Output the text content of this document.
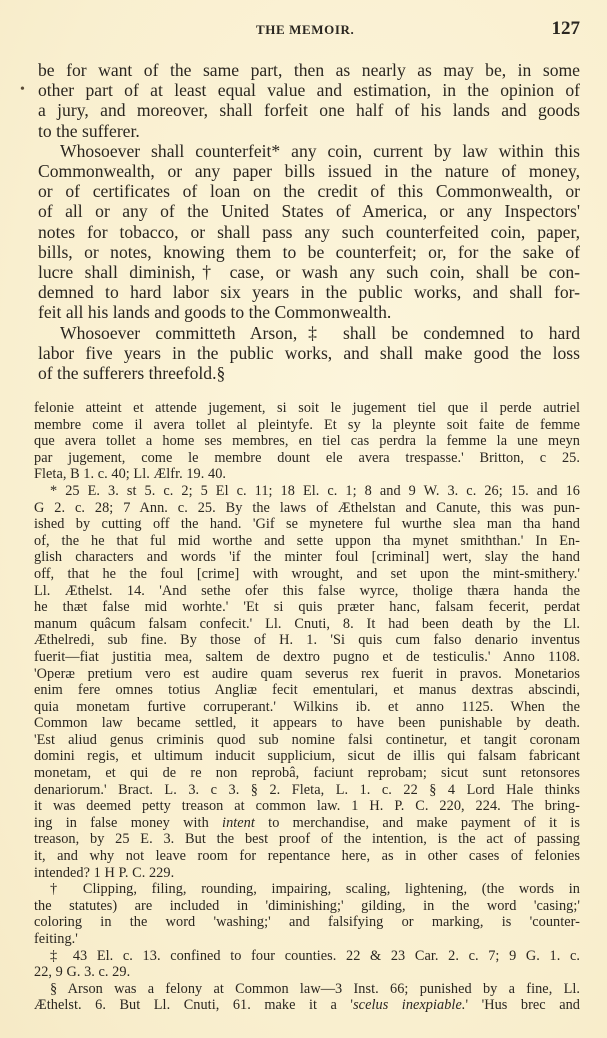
THE MEMOIR.	127
•

be for want of the same part, then as nearly as may be, in some
other part of at least equal value and estimation, in the opinion of
a jury, and moreover, shall forfeit one half of his lands and goods
to the sufferer.

Whosoever shall counterfeit* any coin, current by law within this
Commonwealth, or any paper bills issued in the nature of money,
or of certificates of loan on the credit of this Commonwealth, or
of all or any of the United States of America, or any Inspectors'
notes for tobacco, or shall pass any such counterfeited coin, paper,
bills, or notes, knowing them to be counterfeit; or, for the sake of
lucre shall diminish,† case, or wash any such coin, shall be con-
demned to hard labor six years in the public works, and shall for-
feit all his lands and goods to the Commonwealth.

Whosoever committeth Arson,‡ shall be condemned to hard
labor five years in the public works, and shall make good the loss
of the sufferers threefold.§

felonie atteint et attende jugement, si soit le jugement tiel que il perde autriel
membre come il avera tollet al pleintyfe. Et sy la pleynte soit faite de femme
que avera tollet a home ses membres, en tiel cas perdra la femme la une meyn
par jugement, come le membre dount ele avera trespasse.' Britton, c 25.
Fleta, B 1. c. 40; Ll. Ælfr. 19. 40.
* 25 E. 3. st 5. c. 2; 5 El c. 11; 18 El. c. 1; 8 and 9 W. 3. c. 26; 15. and 16
G 2. c. 28; 7 Ann. c. 25. By the laws of Æthelstan and Canute, this was pun-
ished by cutting off the hand. 'Gif se mynetere ful wurthe slea man tha hand
of, the he that ful mid worthe and sette uppon tha mynet smiththan.' In En-
glish characters and words 'if the minter foul [criminal] wert, slay the hand
off, that he the foul [crime] with wrought, and set upon the mint-smithery.'
Ll. Æthelst. 14. 'And sethe ofer this false wyrce, tholige thæra handa the
he thæt false mid worhte.' 'Et si quis præter hanc, falsam fecerit, perdat
manum quâcum falsam confecit.' Ll. Cnuti, 8. It had been death by the Ll.
Æthelredi, sub fine. By those of H. 1. 'Si quis cum falso denario inventus
fuerit—fiat justitia mea, saltem de dextro pugno et de testiculis.' Anno 1108.
'Operæ pretium vero est audire quam severus rex fuerit in pravos. Monetarios
enim fere omnes totius Angliæ fecit ementulari, et manus dextras abscindi,
quia monetam furtive corruperant.' Wilkins ib. et anno 1125. When the
Common law became settled, it appears to have been punishable by death.
'Est aliud genus criminis quod sub nomine falsi continetur, et tangit coronam
domini regis, et ultimum inducit supplicium, sicut de illis qui falsam fabricant
monetam, et qui de re non reprobâ, faciunt reprobam; sicut sunt retonsores
denariorum.' Bract. L. 3. c 3. § 2. Fleta, L. 1. c. 22 § 4 Lord Hale thinks
it was deemed petty treason at common law. 1 H. P. C. 220, 224. The bring-
ing in false money with intent to merchandise, and make payment of it is
treason, by 25 E. 3. But the best proof of the intention, is the act of passing
it, and why not leave room for repentance here, as in other cases of felonies
intended? 1 H P. C. 229.
† Clipping, filing, rounding, impairing, scaling, lightening, (the words in
the statutes) are included in 'diminishing;' gilding, in the word 'casing;'
coloring in the word 'washing;' and falsifying or marking, is 'counter-
feiting.'
‡ 43 El. c. 13. confined to four counties. 22 & 23 Car. 2. c. 7; 9 G. 1. c.
22, 9 G. 3. c. 29.
§ Arson was a felony at Common law—3 Inst. 66; punished by a fine, Ll.
Æthelst. 6. But Ll. Cnuti, 61. make it a 'scelus inexpiable.' 'Hus brec and
